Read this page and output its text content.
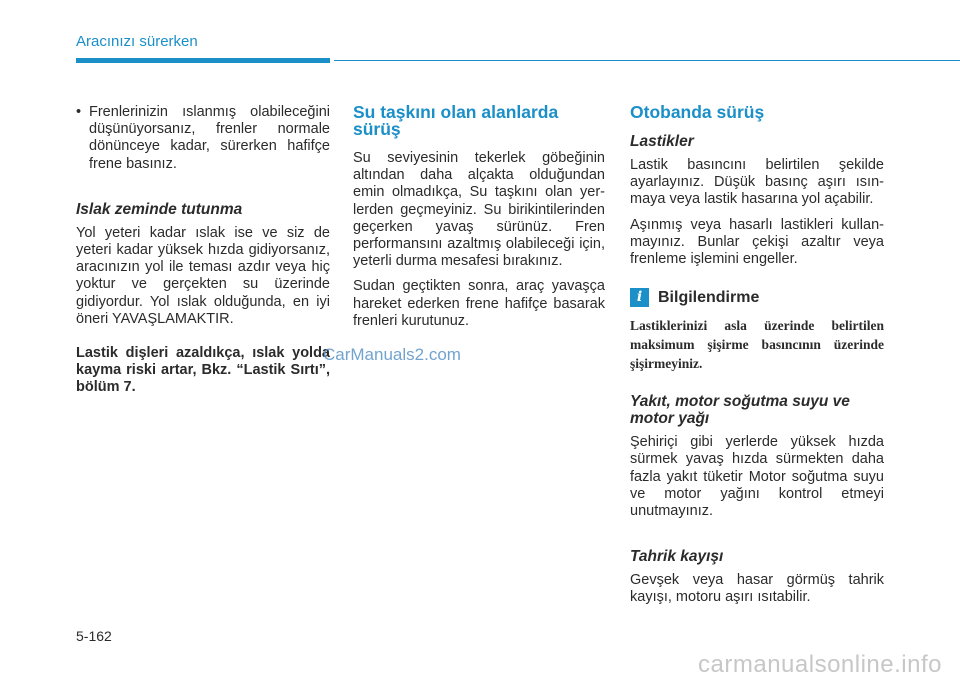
Aracınızı sürerken
• Frenlerinizin ıslanmış olabileceğini düşünüyorsanız, frenler normale dönünceye kadar, sürerken hafifçe frene basınız.
Islak zeminde tutunma

Yol yeteri kadar ıslak ise ve siz de yeteri kadar yüksek hızda gidiyorsanız, aracınızın yol ile teması azdır veya hiç yoktur ve gerçekten su üzerinde gidiyordur. Yol ıslak olduğunda, en iyi öneri YAVAŞLAMAKTIR.

Lastik dişleri azaldıkça, ıslak yolda kayma riski artar, Bkz. “Lastik Sırtı”, bölüm 7.

Su taşkını olan alanlarda sürüş

Su seviyesinin tekerlek göbeğinin altından daha alçakta olduğundan emin olmadıkça, Su taşkını olan yerlerden geçmeyiniz. Su birikintilerinden geçerken yavaş sürünüz. Fren performansını azaltmış olabileceği için, yeterli durma mesafesi bırakınız.

Sudan geçtikten sonra, araç yavaşça hareket ederken frene hafifçe basarak frenleri kurutunuz.

Otobanda sürüş
Lastikler

Lastik basıncını belirtilen şekilde ayarlayınız. Düşük basınç aşırı ısınmaya veya lastik hasarına yol açabilir.

Aşınmış veya hasarlı lastikleri kullanmayınız. Bunlar çekişi azaltır veya frenleme işlemini engeller.

i Bilgilendirme

Lastiklerinizi asla üzerinde belirtilen maksimum şişirme basıncının üzerinde şişirmeyiniz.

Yakıt, motor soğutma suyu ve motor yağı

Şehiriçi gibi yerlerde yüksek hızda sürmek yavaş hızda sürmekten daha fazla yakıt tüketir Motor soğutma suyu ve motor yağını kontrol etmeyi unutmayınız.

Tahrik kayışı

Gevşek veya hasar görmüş tahrik kayışı, motoru aşırı ısıtabilir.

CarManuals2.com
5-162
carmanualsonline.info
